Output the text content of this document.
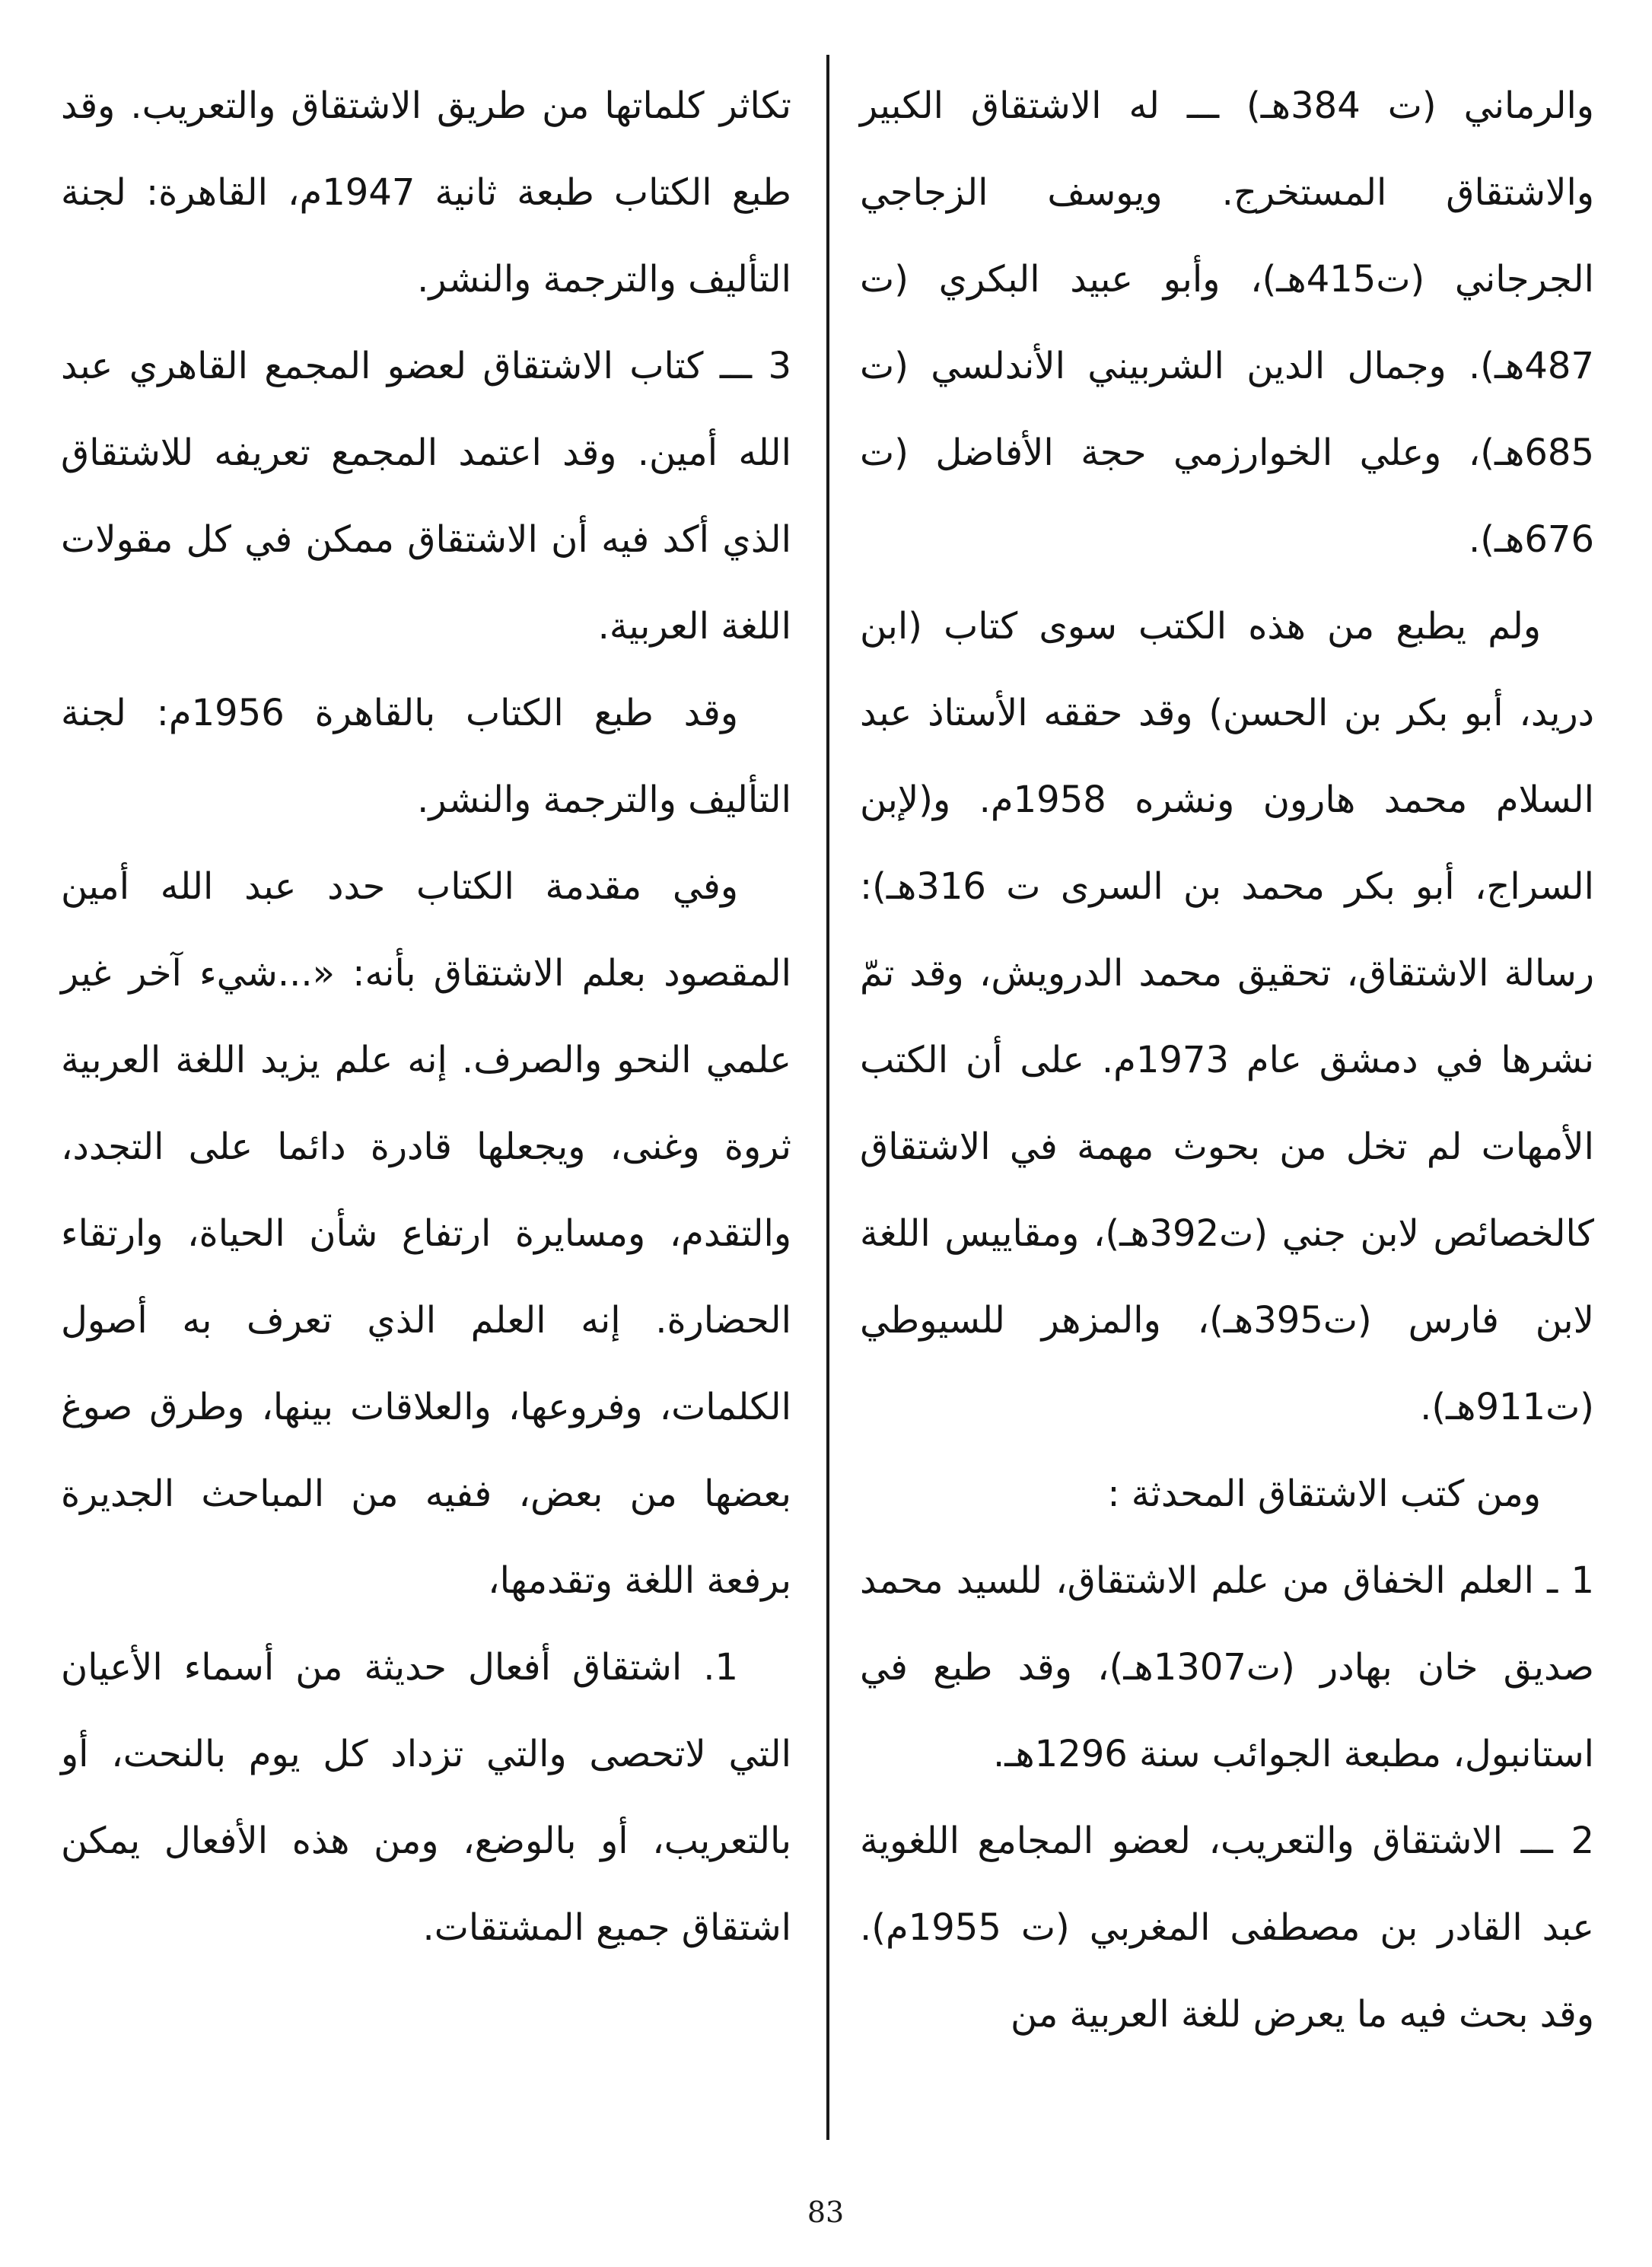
والرماني (ت 384هـ) ـــ له الاشتقاق الكبير والاشتقاق المستخرج. ويوسف الزجاجي الجرجاني (ت415هـ)، وأبو عبيد البكري (ت 487هـ). وجمال الدين الشربيني الأندلسي (ت 685هـ)، وعلي الخوارزمي حجة الأفاضل (ت 676هـ).

ولم يطبع من هذه الكتب سوى كتاب (ابن دريد، أبو بكر بن الحسن) وقد حققه الأستاذ عبد السلام محمد هارون ونشره 1958م. و(لإبن السراج، أبو بكر محمد بن السرى ت 316هـ): رسالة الاشتقاق، تحقيق محمد الدرويش، وقد تمّ نشرها في دمشق عام 1973م. على أن الكتب الأمهات لم تخل من بحوث مهمة في الاشتقاق كالخصائص لابن جني (ت392هـ)، ومقاييس اللغة لابن فارس (ت395هـ)، والمزهر للسيوطي (ت911هـ).

ومن كتب الاشتقاق المحدثة :

1 ـ العلم الخفاق من علم الاشتقاق، للسيد محمد صديق خان بهادر (ت1307هـ)، وقد طبع في استانبول، مطبعة الجوائب سنة 1296هـ.

2 ـــ الاشتقاق والتعريب، لعضو المجامع اللغوية عبد القادر بن مصطفى المغربي (ت 1955م). وقد بحث فيه ما يعرض للغة العربية من

تكاثر كلماتها من طريق الاشتقاق والتعريب. وقد طبع الكتاب طبعة ثانية 1947م، القاهرة: لجنة التأليف والترجمة والنشر.

3 ـــ كتاب الاشتقاق لعضو المجمع القاهري عبد الله أمين. وقد اعتمد المجمع تعريفه للاشتقاق الذي أكد فيه أن الاشتقاق ممكن في كل مقولات اللغة العربية.

وقد طبع الكتاب بالقاهرة 1956م: لجنة التأليف والترجمة والنشر.

وفي مقدمة الكتاب حدد عبد الله أمين المقصود بعلم الاشتقاق بأنه: «...شيء آخر غير علمي النحو والصرف. إنه علم يزيد اللغة العربية ثروة وغنى، ويجعلها قادرة دائما على التجدد، والتقدم، ومسايرة ارتفاع شأن الحياة، وارتقاء الحضارة. إنه العلم الذي تعرف به أصول الكلمات، وفروعها، والعلاقات بينها، وطرق صوغ بعضها من بعض، ففيه من المباحث الجديرة برفعة اللغة وتقدمها،

1. اشتقاق أفعال حديثة من أسماء الأعيان التي لاتحصى والتي تزداد كل يوم بالنحت، أو بالتعريب، أو بالوضع، ومن هذه الأفعال يمكن اشتقاق جميع المشتقات.

83
